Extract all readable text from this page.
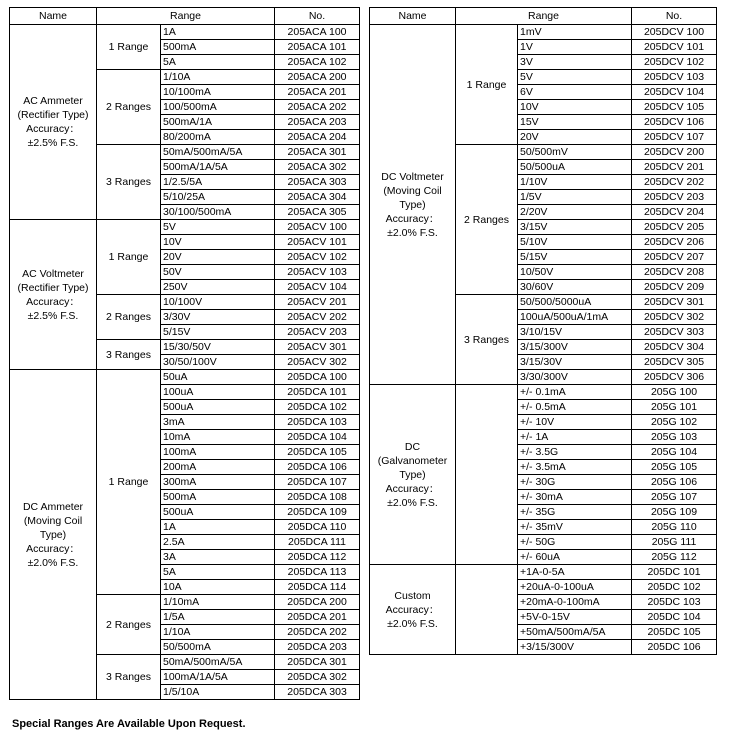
Name	Range		No.

AC Ammeter
(Rectifier Type)
Accuracy：
±2.5% F.S.	1 Range	1A	205ACA 100
		500mA	205ACA 101
		5A	205ACA 102
	2 Ranges	1/10A	205ACA 200
		10/100mA	205ACA 201
		100/500mA	205ACA 202
		500mA/1A	205ACA 203
		80/200mA	205ACA 204
	3 Ranges	50mA/500mA/5A	205ACA 301
		500mA/1A/5A	205ACA 302
		1/2.5/5A	205ACA 303
		5/10/25A	205ACA 304
		30/100/500mA	205ACA 305

AC Voltmeter
(Rectifier Type)
Accuracy：
±2.5% F.S.	1 Range	5V	205ACV 100
		10V	205ACV 101
		20V	205ACV 102
		50V	205ACV 103
		250V	205ACV 104
	2 Ranges	10/100V	205ACV 201
		3/30V	205ACV 202
		5/15V	205ACV 203
	3 Ranges	15/30/50V	205ACV 301
		30/50/100V	205ACV 302

DC Ammeter
(Moving Coil
Type)
Accuracy：
±2.0% F.S.	1 Range	50uA	205DCA 100
		100uA	205DCA 101
		500uA	205DCA 102
		3mA	205DCA 103
		10mA	205DCA 104
		100mA	205DCA 105
		200mA	205DCA 106
		300mA	205DCA 107
		500mA	205DCA 108
		500uA	205DCA 109
		1A	205DCA 110
		2.5A	205DCA 111
		3A	205DCA 112
		5A	205DCA 113
		10A	205DCA 114
	2 Ranges	1/10mA	205DCA 200
		1/5A	205DCA 201
		1/10A	205DCA 202
		50/500mA	205DCA 203
	3 Ranges	50mA/500mA/5A	205DCA 301
		100mA/1A/5A	205DCA 302
		1/5/10A	205DCA 303
Name	Range		No.

DC Voltmeter
(Moving Coil
Type)
Accuracy：
±2.0% F.S.	1 Range	1mV	205DCV 100
		1V	205DCV 101
		3V	205DCV 102
		5V	205DCV 103
		6V	205DCV 104
		10V	205DCV 105
		15V	205DCV 106
		20V	205DCV 107
	2 Ranges	50/500mV	205DCV 200
		50/500uA	205DCV 201
		1/10V	205DCV 202
		1/5V	205DCV 203
		2/20V	205DCV 204
		3/15V	205DCV 205
		5/10V	205DCV 206
		5/15V	205DCV 207
		10/50V	205DCV 208
		30/60V	205DCV 209
	3 Ranges	50/500/5000uA	205DCV 301
		100uA/500uA/1mA	205DCV 302
		3/10/15V	205DCV 303
		3/15/300V	205DCV 304
		3/15/30V	205DCV 305
		3/30/300V	205DCV 306

DC
(Galvanometer
Type)
Accuracy：
±2.0% F.S.		+/- 0.1mA	205G 100
		+/- 0.5mA	205G 101
		+/- 10V	205G 102
		+/- 1A	205G 103
		+/- 3.5G	205G 104
		+/- 3.5mA	205G 105
		+/- 30G	205G 106
		+/- 30mA	205G 107
		+/- 35G	205G 109
		+/- 35mV	205G 110
		+/- 50G	205G 111
		+/- 60uA	205G 112

Custom
Accuracy：
±2.0% F.S.		+1A-0-5A	205DC 101
		+20uA-0-100uA	205DC 102
		+20mA-0-100mA	205DC 103
		+5V-0-15V	205DC 104
		+50mA/500mA/5A	205DC 105
		+3/15/300V	205DC 106
Special Ranges Are Available Upon Request.
